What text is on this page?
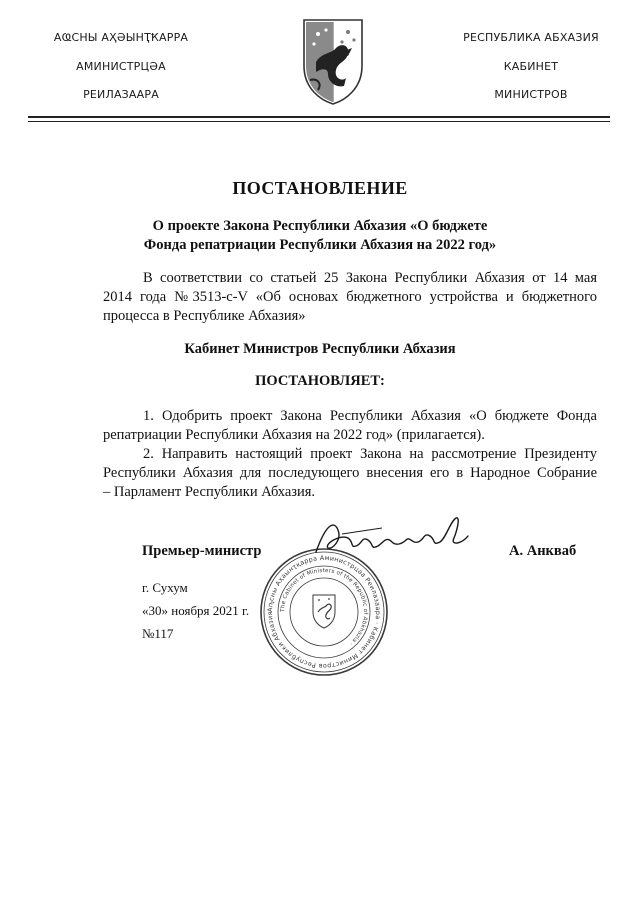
АҨСНЫ АҲӘЫНҬҞАРРА
АМИНИСТРЦӘА
РЕИЛАЗААРА
РЕСПУБЛИКА АБХАЗИЯ
КАБИНЕТ
МИНИСТРОВ
ПОСТАНОВЛЕНИЕ
О проекте Закона Республики Абхазия «О бюджете
Фонда репатриации Республики Абхазия на 2022 год»
В соответствии со статьей 25 Закона Республики Абхазия от 14 мая
2014 года №3513-с-V «Об основах бюджетного устройства и бюджетного
процесса в Республике Абхазия»
Кабинет Министров Республики Абхазия
ПОСТАНОВЛЯЕТ:
1. Одобрить проект Закона Республики Абхазия «О бюджете Фонда
репатриации Республики Абхазия на 2022 год» (прилагается).
2. Направить настоящий проект Закона на рассмотрение Президенту
Республики Абхазия для последующего внесения его в Народное Собрание
– Парламент Республики Абхазия.
Аҧсны Аҳәынҭқарра Аминистрцәа Реилазаара · Кабинет Министров Республики Абхазия
The Cabinet of Ministers of the Republic of Abkhazia ·
Премьер-министр	А. Анкваб
г. Сухум
«30» ноября 2021 г.
№117
